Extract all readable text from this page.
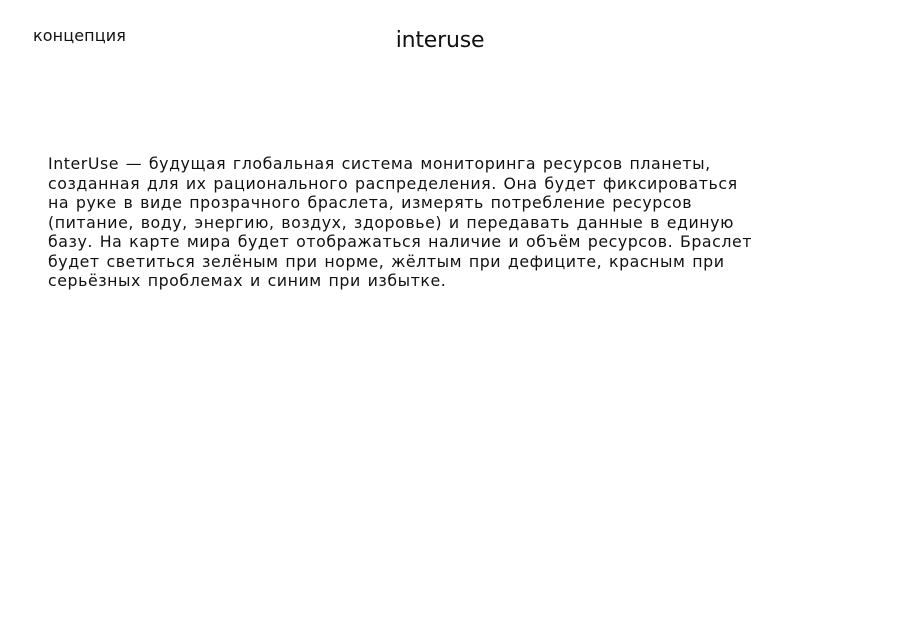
концепция	interuse
InterUse — будущая глобальная система мониторинга ресурсов планеты,
созданная для их рационального распределения. Она будет фиксироваться
на руке в виде прозрачного браслета, измерять потребление ресурсов
(питание, воду, энергию, воздух, здоровье) и передавать данные в единую
базу. На карте мира будет отображаться наличие и объём ресурсов. Браслет
будет светиться зелёным при норме, жёлтым при дефиците, красным при
серьёзных проблемах и синим при избытке.
